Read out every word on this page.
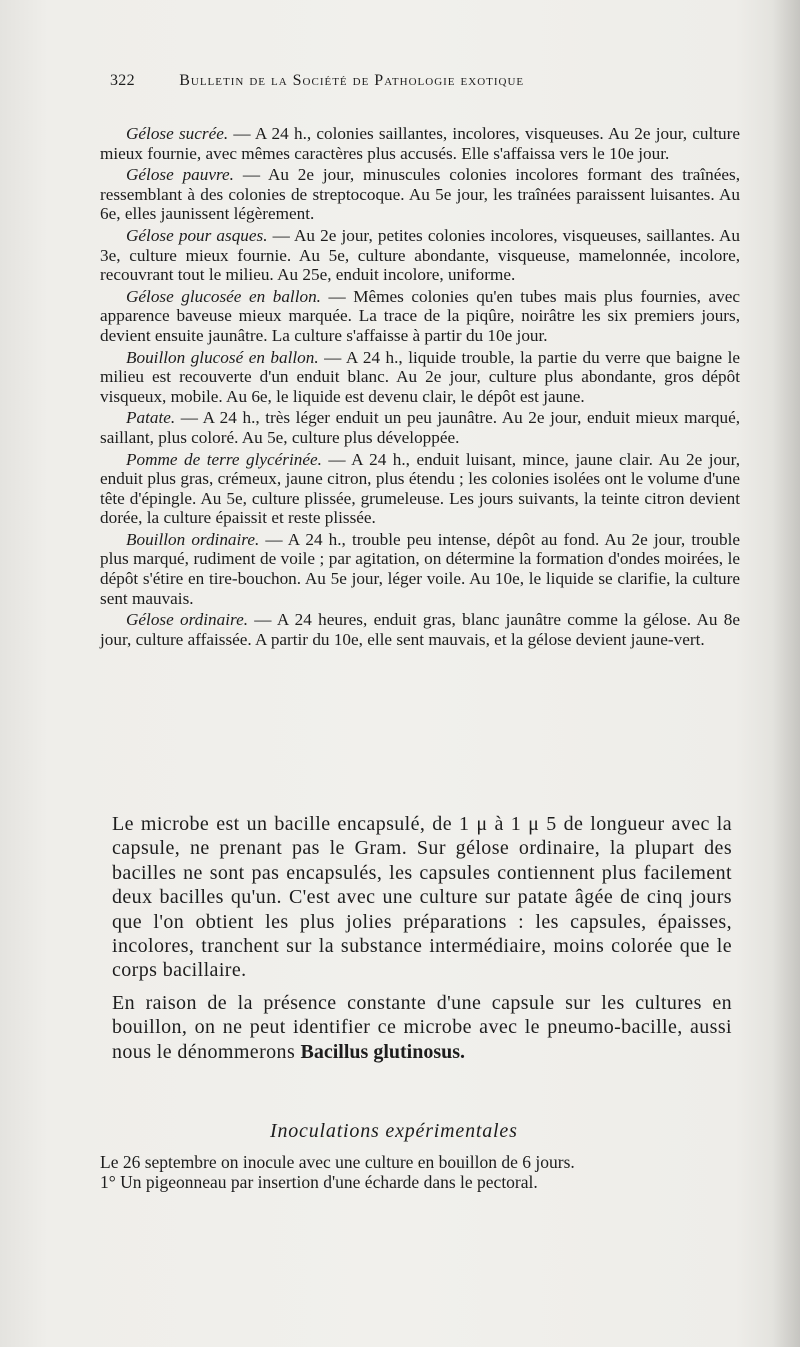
322	Bulletin de la Société de Pathologie exotique

Gélose sucrée. — A 24 h., colonies saillantes, incolores, visqueuses. Au 2e jour, culture mieux fournie, avec mêmes caractères plus accusés. Elle s'affaissa vers le 10e jour.

Gélose pauvre. — Au 2e jour, minuscules colonies incolores formant des traînées, ressemblant à des colonies de streptocoque. Au 5e jour, les traînées paraissent luisantes. Au 6e, elles jaunissent légèrement.

Gélose pour asques. — Au 2e jour, petites colonies incolores, visqueuses, saillantes. Au 3e, culture mieux fournie. Au 5e, culture abondante, visqueuse, mamelonnée, incolore, recouvrant tout le milieu. Au 25e, enduit incolore, uniforme.

Gélose glucosée en ballon. — Mêmes colonies qu'en tubes mais plus fournies, avec apparence baveuse mieux marquée. La trace de la piqûre, noirâtre les six premiers jours, devient ensuite jaunâtre. La culture s'affaisse à partir du 10e jour.

Bouillon glucosé en ballon. — A 24 h., liquide trouble, la partie du verre que baigne le milieu est recouverte d'un enduit blanc. Au 2e jour, culture plus abondante, gros dépôt visqueux, mobile. Au 6e, le liquide est devenu clair, le dépôt est jaune.

Patate. — A 24 h., très léger enduit un peu jaunâtre. Au 2e jour, enduit mieux marqué, saillant, plus coloré. Au 5e, culture plus développée.

Pomme de terre glycérinée. — A 24 h., enduit luisant, mince, jaune clair. Au 2e jour, enduit plus gras, crémeux, jaune citron, plus étendu ; les colonies isolées ont le volume d'une tête d'épingle. Au 5e, culture plissée, grumeleuse. Les jours suivants, la teinte citron devient dorée, la culture épaissit et reste plissée.

Bouillon ordinaire. — A 24 h., trouble peu intense, dépôt au fond. Au 2e jour, trouble plus marqué, rudiment de voile ; par agitation, on détermine la formation d'ondes moirées, le dépôt s'étire en tire-bouchon. Au 5e jour, léger voile. Au 10e, le liquide se clarifie, la culture sent mauvais.

Gélose ordinaire. — A 24 heures, enduit gras, blanc jaunâtre comme la gélose. Au 8e jour, culture affaissée. A partir du 10e, elle sent mauvais, et la gélose devient jaune-vert.

Le microbe est un bacille encapsulé, de 1 μ à 1 μ 5 de longueur avec la capsule, ne prenant pas le Gram. Sur gélose ordinaire, la plupart des bacilles ne sont pas encapsulés, les capsules contiennent plus facilement deux bacilles qu'un. C'est avec une culture sur patate âgée de cinq jours que l'on obtient les plus jolies préparations : les capsules, épaisses, incolores, tranchent sur la substance intermédiaire, moins colorée que le corps bacillaire.

En raison de la présence constante d'une capsule sur les cultures en bouillon, on ne peut identifier ce microbe avec le pneumo-bacille, aussi nous le dénommerons Bacillus glutinosus.

Inoculations expérimentales

Le 26 septembre on inocule avec une culture en bouillon de 6 jours.

1° Un pigeonneau par insertion d'une écharde dans le pectoral.
